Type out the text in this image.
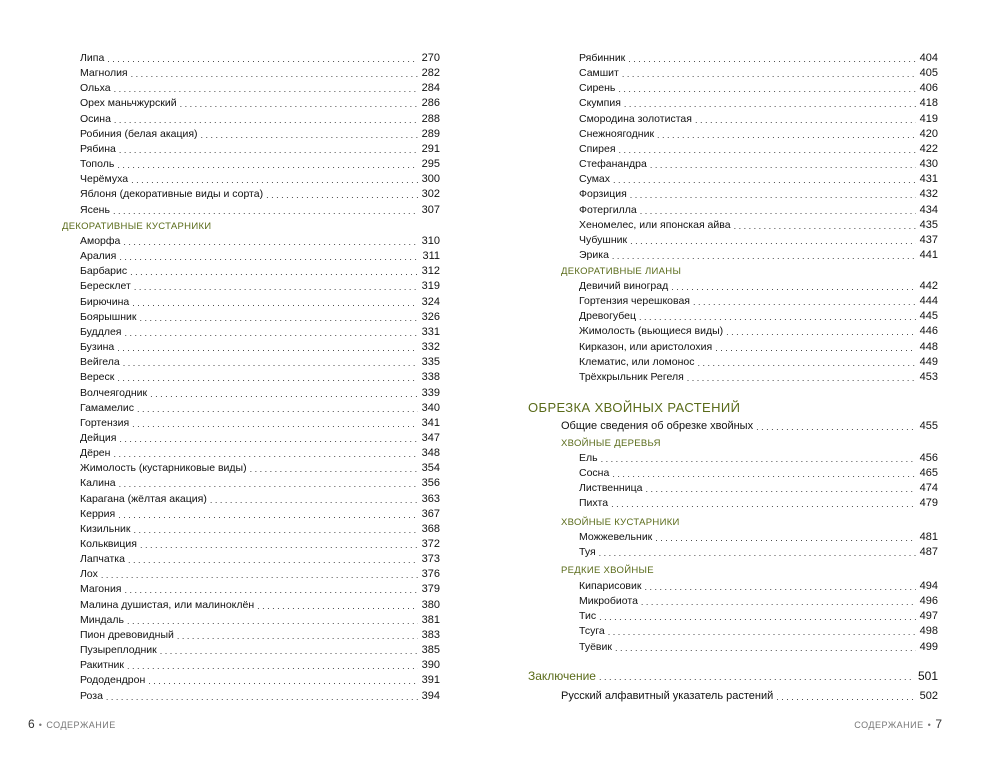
Липа . . .	270
Магнолия . . .	282
Ольха . . .	284
Орех маньчжурский . . .	286
Осина . . .	288
Робиния (белая акация) . . .	289
Рябина . . .	291
Тополь . . .	295
Черёмуха . . .	300
Яблоня (декоративные виды и сорта) . . .	302
Ясень . . .	307
ДЕКОРАТИВНЫЕ КУСТАРНИКИ
Аморфа . . .	310
Аралия . . .	311
Барбарис . . .	312
Бересклет . . .	319
Бирючина . . .	324
Боярышник . . .	326
Буддлея . . .	331
Бузина . . .	332
Вейгела . . .	335
Вереск . . .	338
Волчеягодник . . .	339
Гамамелис . . .	340
Гортензия . . .	341
Дейция . . .	347
Дёрен . . .	348
Жимолость (кустарниковые виды) . . .	354
Калина . . .	356
Карагана (жёлтая акация) . . .	363
Керрия . . .	367
Кизильник . . .	368
Кольквиция . . .	372
Лапчатка . . .	373
Лох . . .	376
Магония . . .	379
Малина душистая, или малиноклён . . .	380
Миндаль . . .	381
Пион древовидный . . .	383
Пузыреплодник . . .	385
Ракитник . . .	390
Рододендрон . . .	391
Роза . . .	394
6 • СОДЕРЖАНИЕ
Рябинник . . .	404
Самшит . . .	405
Сирень . . .	406
Скумпия . . .	418
Смородина золотистая . . .	419
Снежноягодник . . .	420
Спирея . . .	422
Стефанандра . . .	430
Сумах . . .	431
Форзиция . . .	432
Фотергилла . . .	434
Хеномелес, или японская айва . . .	435
Чубушник . . .	437
Эрика . . .	441
ДЕКОРАТИВНЫЕ ЛИАНЫ
Девичий виноград . . .	442
Гортензия черешковая . . .	444
Древогубец . . .	445
Жимолость (вьющиеся виды) . . .	446
Кирказон, или аристолохия . . .	448
Клематис, или ломонос . . .	449
Трёхкрыльник Регеля . . .	453
ОБРЕЗКА ХВОЙНЫХ РАСТЕНИЙ
Общие сведения об обрезке хвойных . . .	455
ХВОЙНЫЕ ДЕРЕВЬЯ
Ель . . .	456
Сосна . . .	465
Лиственница . . .	474
Пихта . . .	479
ХВОЙНЫЕ КУСТАРНИКИ
Можжевельник . . .	481
Туя . . .	487
РЕДКИЕ ХВОЙНЫЕ
Кипарисовик . . .	494
Микробиота . . .	496
Тис . . .	497
Тсуга . . .	498
Туёвик . . .	499
Заключение . . .	501
Русский алфавитный указатель растений . . .	502
СОДЕРЖАНИЕ • 7
